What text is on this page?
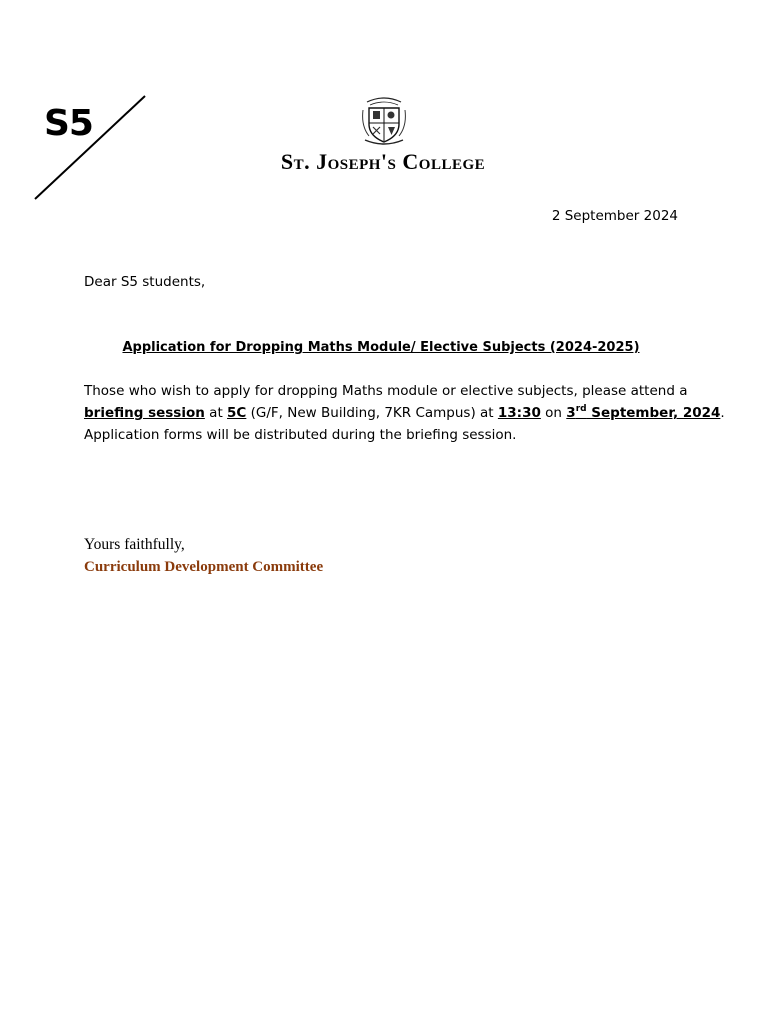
S5
St. Joseph's College
2 September 2024
Dear S5 students,
Application for Dropping Maths Module/ Elective Subjects (2024-2025)
Those who wish to apply for dropping Maths module or elective subjects, please attend a
briefing session at 5C (G/F, New Building, 7KR Campus) at 13:30 on 3rd September, 2024.
Application forms will be distributed during the briefing session.
Yours faithfully,
Curriculum Development Committee
